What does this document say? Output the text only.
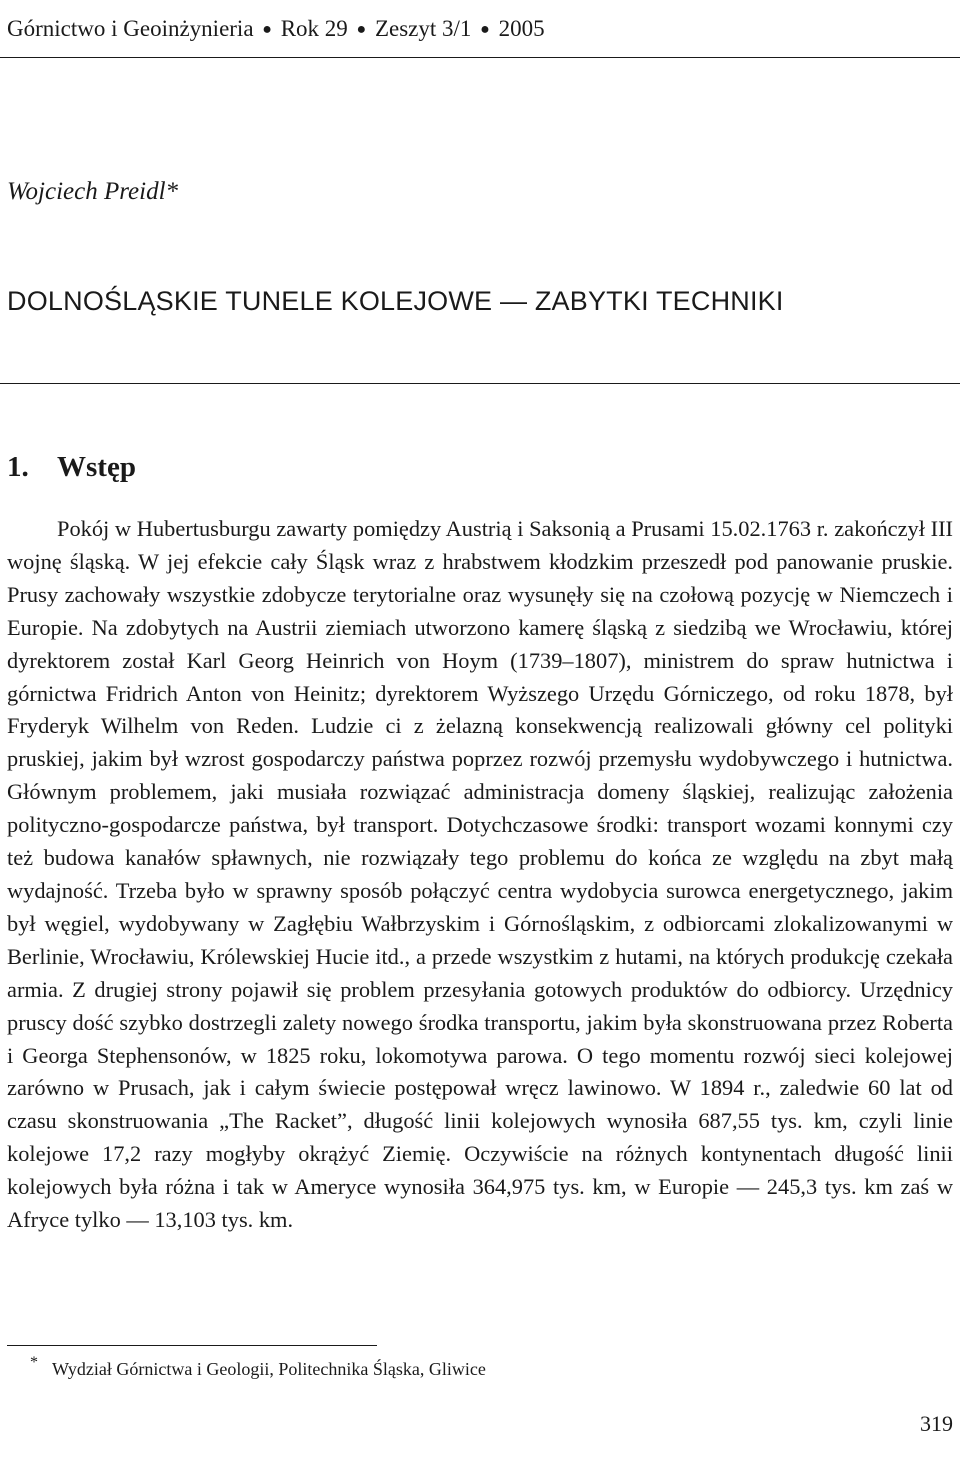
Górnictwo i Geoinżynieria ● Rok 29 ● Zeszyt 3/1 ● 2005
Wojciech Preidl*
DOLNOŚLĄSKIE TUNELE KOLEJOWE — ZABYTKI TECHNIKI
1. Wstęp

Pokój w Hubertusburgu zawarty pomiędzy Austrią i Saksonią a Prusami 15.02.1763 r. zakończył III wojnę śląską. W jej efekcie cały Śląsk wraz z hrabstwem kłodzkim przeszedł pod panowanie pruskie. Prusy zachowały wszystkie zdobycze terytorialne oraz wysunęły się na czołową pozycję w Niemczech i Europie. Na zdobytych na Austrii ziemiach utworzono kamerę śląską z siedzibą we Wrocławiu, której dyrektorem został Karl Georg Heinrich von Hoym (1739–1807), ministrem do spraw hutnictwa i górnictwa Fridrich Anton von Heinitz; dyrektorem Wyższego Urzędu Górniczego, od roku 1878, był Fryderyk Wilhelm von Reden. Ludzie ci z żelazną konsekwencją realizowali główny cel polityki pruskiej, jakim był wzrost gospodarczy państwa poprzez rozwój przemysłu wydobywczego i hutnictwa. Głównym problemem, jaki musiała rozwiązać administracja domeny śląskiej, realizując założenia polityczno-gospodarcze państwa, był transport. Dotychczasowe środki: transport wozami konnymi czy też budowa kanałów spławnych, nie rozwiązały tego problemu do końca ze względu na zbyt małą wydajność. Trzeba było w sprawny sposób połączyć centra wydobycia surowca energetycznego, jakim był węgiel, wydobywany w Zagłębiu Wałbrzyskim i Górnośląskim, z odbiorcami zlokalizowanymi w Berlinie, Wrocławiu, Królewskiej Hucie itd., a przede wszystkim z hutami, na których produkcję czekała armia. Z drugiej strony pojawił się problem przesyłania gotowych produktów do odbiorcy. Urzędnicy pruscy dość szybko dostrzegli zalety nowego środka transportu, jakim była skonstruowana przez Roberta i Georga Stephensonów, w 1825 roku, lokomotywa parowa. O tego momentu rozwój sieci kolejowej zarówno w Prusach, jak i całym świecie postępował wręcz lawinowo. W 1894 r., zaledwie 60 lat od czasu skonstruowania „The Racket”, długość linii kolejowych wynosiła 687,55 tys. km, czyli linie kolejowe 17,2 razy mogłyby okrążyć Ziemię. Oczywiście na różnych kontynentach długość linii kolejowych była różna i tak w Ameryce wynosiła 364,975 tys. km, w Europie — 245,3 tys. km zaś w Afryce tylko — 13,103 tys. km.

* Wydział Górnictwa i Geologii, Politechnika Śląska, Gliwice
319
